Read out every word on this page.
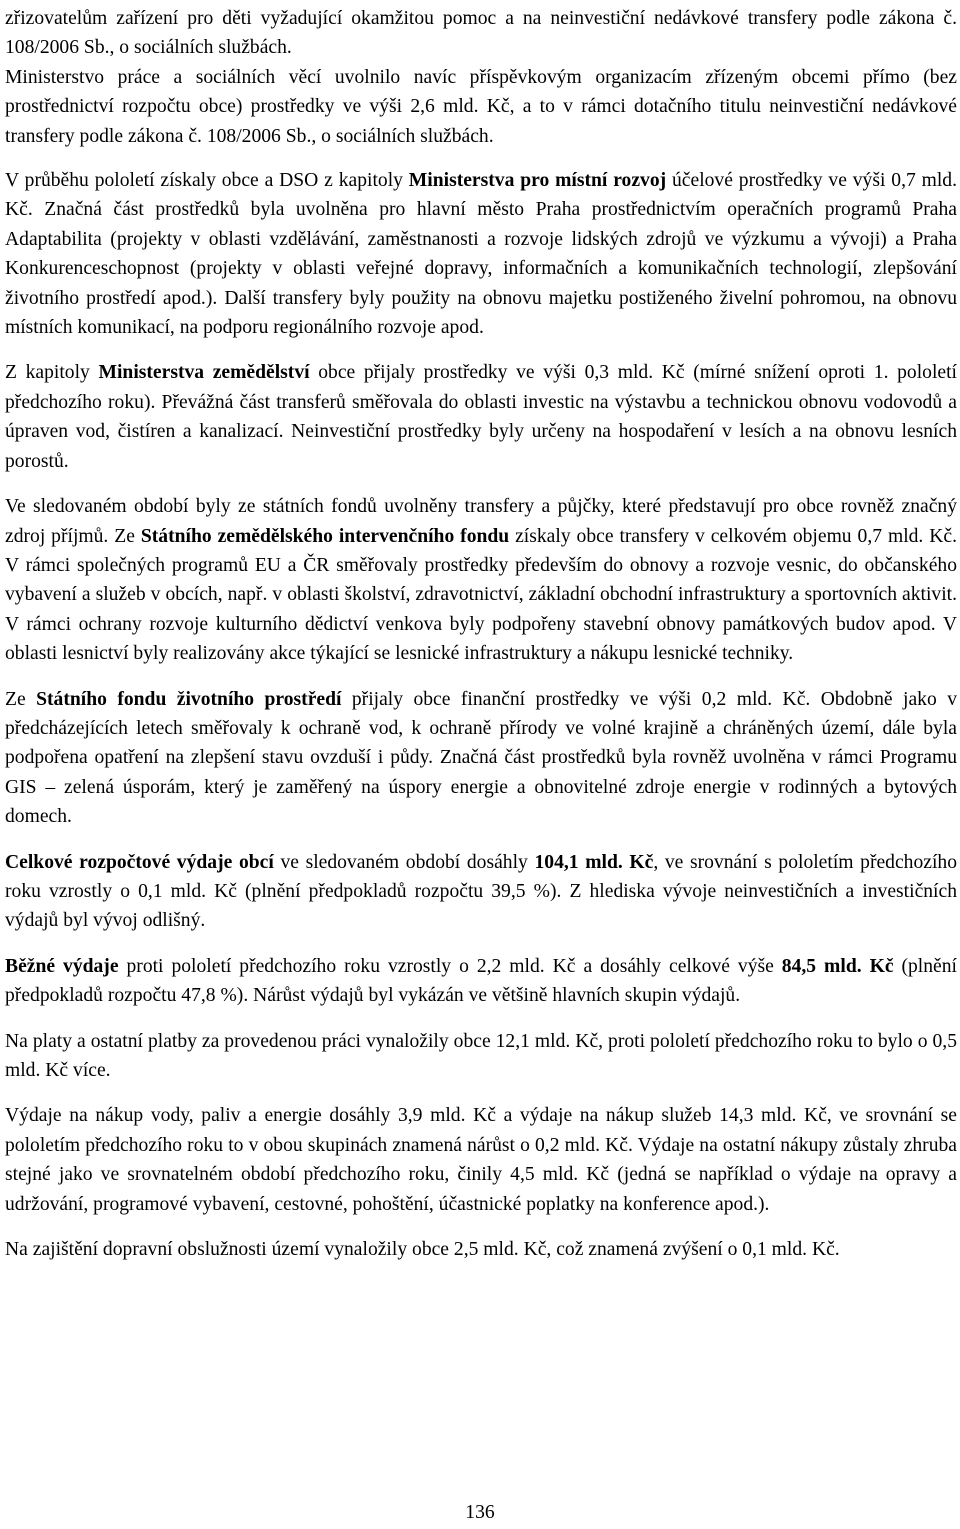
zřizovatelům zařízení pro děti vyžadující okamžitou pomoc a na neinvestiční nedávkové transfery podle zákona č. 108/2006 Sb., o sociálních službách.

Ministerstvo práce a sociálních věcí uvolnilo navíc příspěvkovým organizacím zřízeným obcemi přímo (bez prostřednictví rozpočtu obce) prostředky ve výši 2,6 mld. Kč, a to v rámci dotačního titulu neinvestiční nedávkové transfery podle zákona č. 108/2006 Sb., o sociálních službách.

V průběhu pololetí získaly obce a DSO z kapitoly Ministerstva pro místní rozvoj účelové prostředky ve výši 0,7 mld. Kč. Značná část prostředků byla uvolněna pro hlavní město Praha prostřednictvím operačních programů Praha Adaptabilita (projekty v oblasti vzdělávání, zaměstnanosti a rozvoje lidských zdrojů ve výzkumu a vývoji) a Praha Konkurenceschopnost (projekty v oblasti veřejné dopravy, informačních a komunikačních technologií, zlepšování životního prostředí apod.). Další transfery byly použity na obnovu majetku postiženého živelní pohromou, na obnovu místních komunikací, na podporu regionálního rozvoje apod.

Z kapitoly Ministerstva zemědělství obce přijaly prostředky ve výši 0,3 mld. Kč (mírné snížení oproti 1. pololetí předchozího roku). Převážná část transferů směřovala do oblasti investic na výstavbu a technickou obnovu vodovodů a úpraven vod, čistíren a kanalizací. Neinvestiční prostředky byly určeny na hospodaření v lesích a na obnovu lesních porostů.

Ve sledovaném období byly ze státních fondů uvolněny transfery a půjčky, které představují pro obce rovněž značný zdroj příjmů. Ze Státního zemědělského intervenčního fondu získaly obce transfery v celkovém objemu 0,7 mld. Kč. V rámci společných programů EU a ČR směřovaly prostředky především do obnovy a rozvoje vesnic, do občanského vybavení a služeb v obcích, např. v oblasti školství, zdravotnictví, základní obchodní infrastruktury a sportovních aktivit. V rámci ochrany rozvoje kulturního dědictví venkova byly podpořeny stavební obnovy památkových budov apod. V oblasti lesnictví byly realizovány akce týkající se lesnické infrastruktury a nákupu lesnické techniky.

Ze Státního fondu životního prostředí přijaly obce finanční prostředky ve výši 0,2 mld. Kč. Obdobně jako v předcházejících letech směřovaly k ochraně vod, k ochraně přírody ve volné krajině a chráněných území, dále byla podpořena opatření na zlepšení stavu ovzduší i půdy. Značná část prostředků byla rovněž uvolněna v rámci Programu GIS – zelená úsporám, který je zaměřený na úspory energie a obnovitelné zdroje energie v rodinných a bytových domech.

Celkové rozpočtové výdaje obcí ve sledovaném období dosáhly 104,1 mld. Kč, ve srovnání s pololetím předchozího roku vzrostly o 0,1 mld. Kč (plnění předpokladů rozpočtu 39,5 %). Z hlediska vývoje neinvestičních a investičních výdajů byl vývoj odlišný.

Běžné výdaje proti pololetí předchozího roku vzrostly o 2,2 mld. Kč a dosáhly celkové výše 84,5 mld. Kč (plnění předpokladů rozpočtu 47,8 %). Nárůst výdajů byl vykázán ve většině hlavních skupin výdajů.

Na platy a ostatní platby za provedenou práci vynaložily obce 12,1 mld. Kč, proti pololetí předchozího roku to bylo o 0,5 mld. Kč více.

Výdaje na nákup vody, paliv a energie dosáhly 3,9 mld. Kč a výdaje na nákup služeb 14,3 mld. Kč, ve srovnání se pololetím předchozího roku to v obou skupinách znamená nárůst o 0,2 mld. Kč. Výdaje na ostatní nákupy zůstaly zhruba stejné jako ve srovnatelném období předchozího roku, činily 4,5 mld. Kč (jedná se například o výdaje na opravy a udržování, programové vybavení, cestovné, pohoštění, účastnické poplatky na konference apod.).

Na zajištění dopravní obslužnosti území vynaložily obce 2,5 mld. Kč, což znamená zvýšení o 0,1 mld. Kč.

136
